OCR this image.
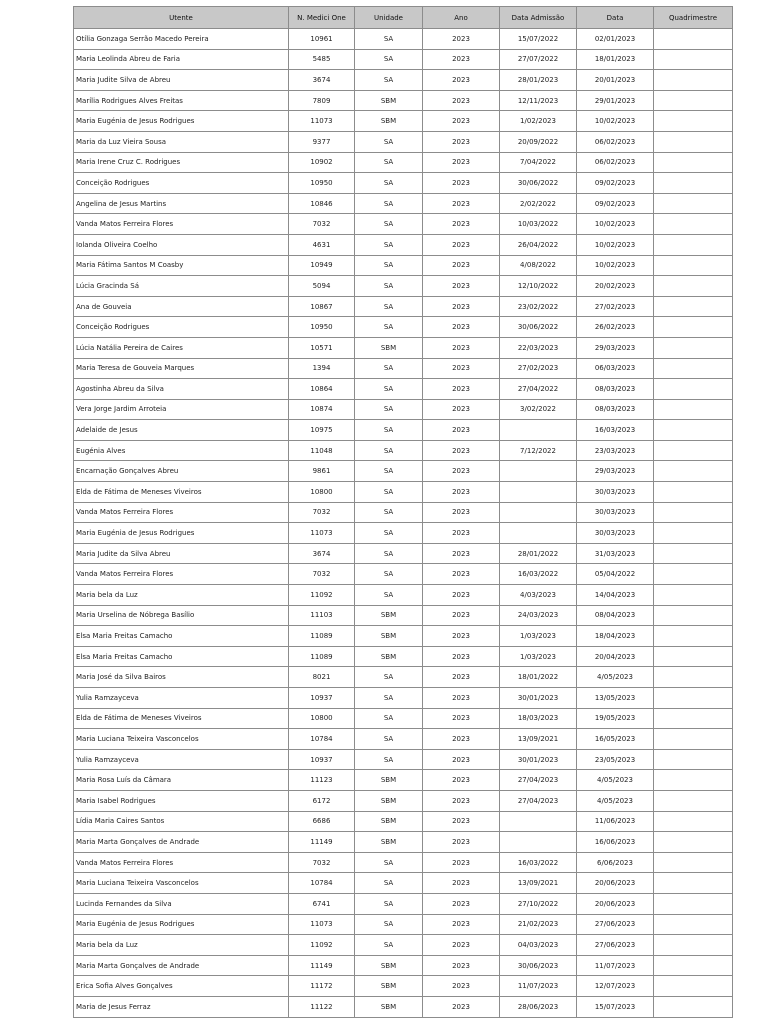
Utente	N. Medici One	Unidade	Ano	Data Admissão	Data	Quadrimestre
Otília Gonzaga Serrão Macedo Pereira	10961	SA	2023	15/07/2022	02/01/2023	
Maria Leolinda Abreu de Faria	5485	SA	2023	27/07/2022	18/01/2023	
Maria Judite Silva de Abreu	3674	SA	2023	28/01/2023	20/01/2023	
Marília Rodrigues Alves Freitas	7809	SBM	2023	12/11/2023	29/01/2023	
Maria Eugénia de Jesus Rodrigues	11073	SBM	2023	1/02/2023	10/02/2023	
Maria da Luz Vieira Sousa	9377	SA	2023	20/09/2022	06/02/2023	
Maria Irene Cruz C. Rodrigues	10902	SA	2023	7/04/2022	06/02/2023	
Conceição Rodrigues	10950	SA	2023	30/06/2022	09/02/2023	
Angelina de Jesus Martins	10846	SA	2023	2/02/2022	09/02/2023	
Vanda Matos Ferreira Flores	7032	SA	2023	10/03/2022	10/02/2023	
Iolanda Oliveira Coelho	4631	SA	2023	26/04/2022	10/02/2023	
Maria Fátima Santos M Coasby	10949	SA	2023	4/08/2022	10/02/2023	
Lúcia Gracinda Sá	5094	SA	2023	12/10/2022	20/02/2023	
Ana de Gouveia	10867	SA	2023	23/02/2022	27/02/2023	
Conceição Rodrigues	10950	SA	2023	30/06/2022	26/02/2023	
Lúcia Natália Pereira de Caires	10571	SBM	2023	22/03/2023	29/03/2023	
Maria Teresa de Gouveia Marques	1394	SA	2023	27/02/2023	06/03/2023	
Agostinha Abreu da Silva	10864	SA	2023	27/04/2022	08/03/2023	
Vera Jorge Jardim Arroteia	10874	SA	2023	3/02/2022	08/03/2023	
Adelaide de Jesus	10975	SA	2023		16/03/2023	
Eugénia Alves	11048	SA	2023	7/12/2022	23/03/2023	
Encarnação Gonçalves Abreu	9861	SA	2023		29/03/2023	
Elda de Fátima de Meneses Viveiros	10800	SA	2023		30/03/2023	
Vanda Matos Ferreira Flores	7032	SA	2023		30/03/2023	
Maria Eugénia de Jesus Rodrigues	11073	SA	2023		30/03/2023	
Maria Judite da Silva Abreu	3674	SA	2023	28/01/2022	31/03/2023	
Vanda Matos Ferreira Flores	7032	SA	2023	16/03/2022	05/04/2022	
Maria bela da Luz	11092	SA	2023	4/03/2023	14/04/2023	
Maria Urselina de Nóbrega Basílio	11103	SBM	2023	24/03/2023	08/04/2023	
Elsa Maria Freitas Camacho	11089	SBM	2023	1/03/2023	18/04/2023	
Elsa Maria Freitas Camacho	11089	SBM	2023	1/03/2023	20/04/2023	
Maria José da Silva Bairos	8021	SA	2023	18/01/2022	4/05/2023	
Yulia Ramzayceva	10937	SA	2023	30/01/2023	13/05/2023	
Elda de Fátima de Meneses Viveiros	10800	SA	2023	18/03/2023	19/05/2023	
Maria Luciana Teixeira Vasconcelos	10784	SA	2023	13/09/2021	16/05/2023	
Yulia Ramzayceva	10937	SA	2023	30/01/2023	23/05/2023	
Maria Rosa Luís da Câmara	11123	SBM	2023	27/04/2023	4/05/2023	
Maria Isabel Rodrigues	6172	SBM	2023	27/04/2023	4/05/2023	
Lídia Maria Caires Santos	6686	SBM	2023		11/06/2023	
Maria Marta Gonçalves de Andrade	11149	SBM	2023		16/06/2023	
Vanda Matos Ferreira Flores	7032	SA	2023	16/03/2022	6/06/2023	
Maria Luciana Teixeira Vasconcelos	10784	SA	2023	13/09/2021	20/06/2023	
Lucinda Fernandes da Silva	6741	SA	2023	27/10/2022	20/06/2023	
Maria Eugénia de Jesus Rodrigues	11073	SA	2023	21/02/2023	27/06/2023	
Maria bela da Luz	11092	SA	2023	04/03/2023	27/06/2023	
Maria Marta Gonçalves de Andrade	11149	SBM	2023	30/06/2023	11/07/2023	
Erica Sofia Alves Gonçalves	11172	SBM	2023	11/07/2023	12/07/2023	
Maria de Jesus Ferraz	11122	SBM	2023	28/06/2023	15/07/2023	
